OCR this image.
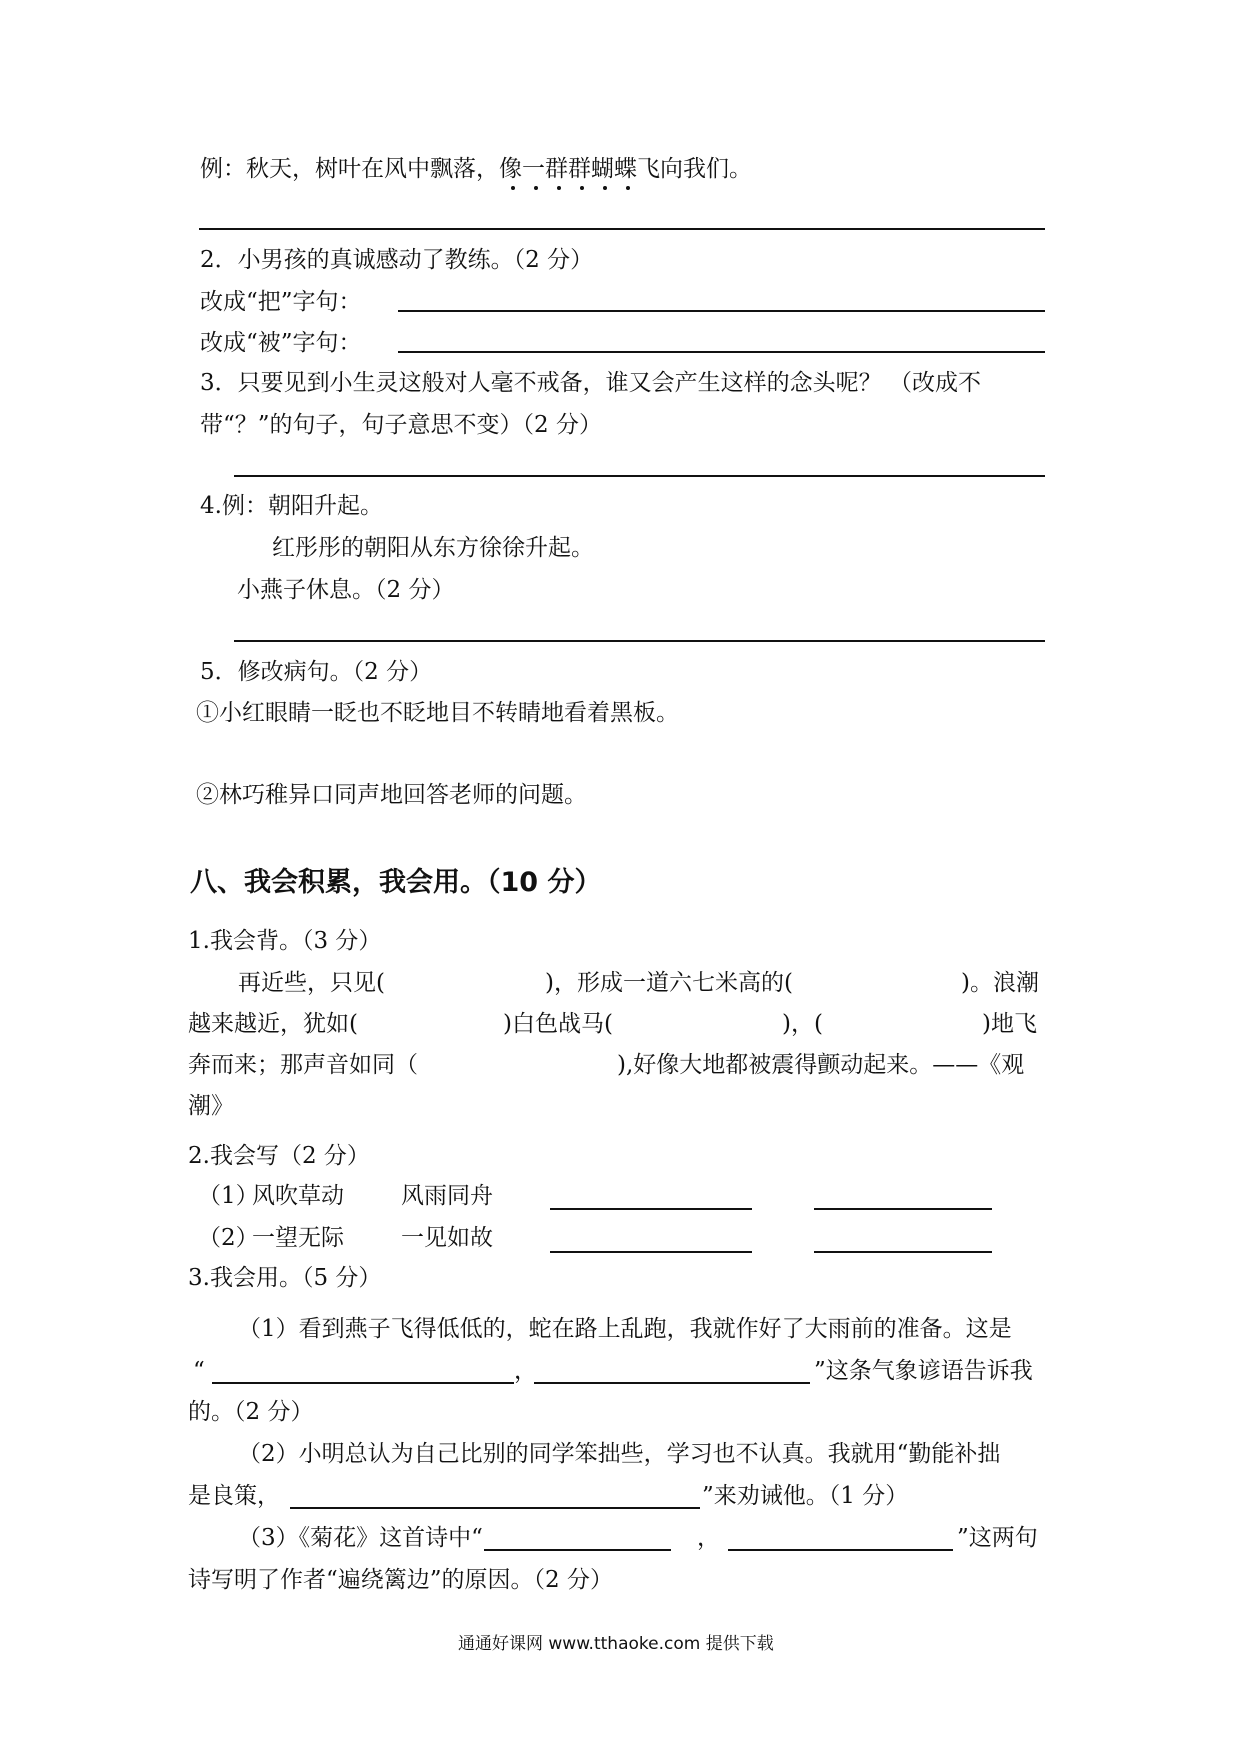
例：秋天，树叶在风中飘落，像一群群蝴蝶飞向我们。
2．小男孩的真诚感动了教练。（2 分）
改成“把”字句：
改成“被”字句：
3．只要见到小生灵这般对人毫不戒备，谁又会产生这样的念头呢？ （改成不
带“？”的句子，句子意思不变）（2 分）
4.例：朝阳升起。
红彤彤的朝阳从东方徐徐升起。
小燕子休息。（2 分）
5．修改病句。（2 分）
①小红眼睛一眨也不眨地目不转睛地看着黑板。
②林巧稚异口同声地回答老师的问题。
八、我会积累，我会用。（10 分）
1.我会背。（3 分）
再近些，只见(	)，形成一道六七米高的(	)。浪潮
越来越近，犹如(	)白色战马(	)，(	)地飞
奔而来；那声音如同（	),好像大地都被震得颤动起来。——《观
潮》
2.我会写（2 分）
（1）
风吹草动 风雨同舟
（2）
一望无际 一见如故
3.我会用。（5 分）
（1）看到燕子飞得低低的，蛇在路上乱跑，我就作好了大雨前的准备。这是
“	，	”这条气象谚语告诉我
的。（2 分）
（2）小明总认为自己比别的同学笨拙些，学习也不认真。我就用“勤能补拙
是良策，	”来劝诫他。（1 分）
（3）《菊花》这首诗中“	，	”这两句
诗写明了作者“遍绕篱边”的原因。（2 分）
通通好课网 www.tthaoke.com 提供下载
